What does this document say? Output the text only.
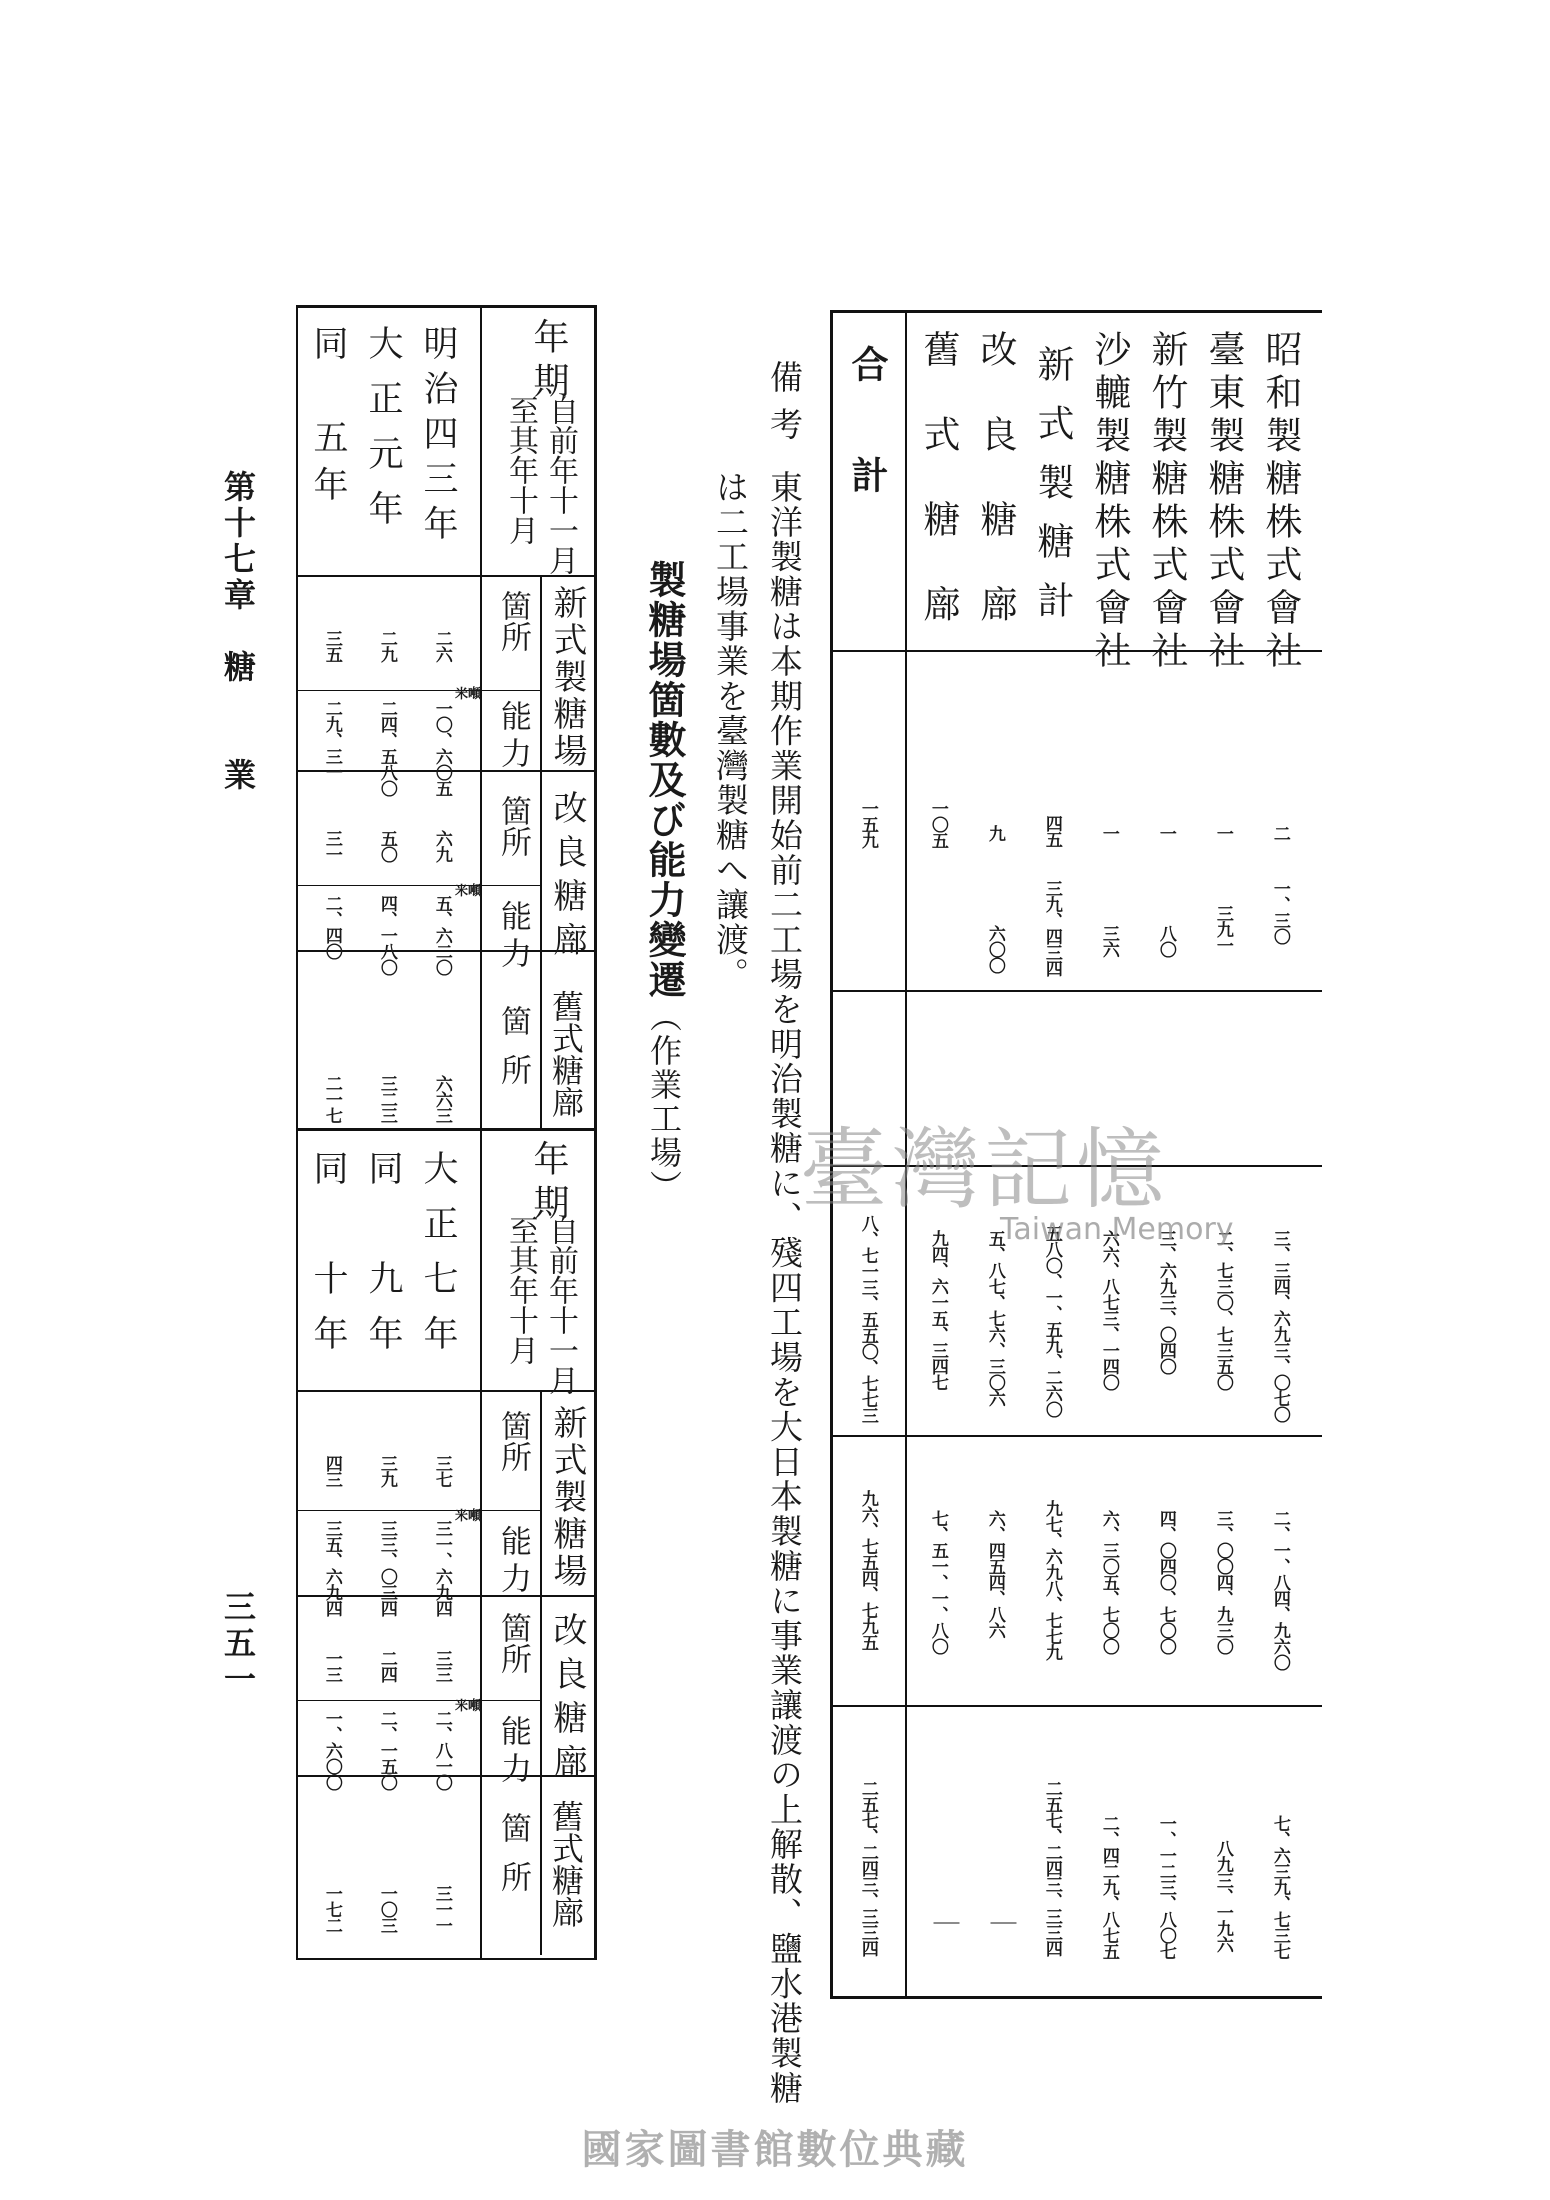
昭和製糖株式會社
臺東製糖株式會社
新竹製糖株式會社
沙轆製糖株式會社
新式製糖計
改良糖廍
舊式糖廍
合　　計
二
一
一
一
四五
九
一〇五
一五九
一、三〇
三九一
八〇
三六
三九、四三四
六〇〇
三、三四、六九三、〇七〇
二、七三〇、七三五〇
三、六九三、〇四〇
六六、八七三、一四〇
五八〇、一、五九、二六〇
五、八七、七六、三〇六
九四、六一五、三四七
八、七一三、五五〇、七七三
二、一、八四、九六〇
三、〇〇四、九三〇
四、〇四〇、七〇〇
六、三〇五、七〇〇
九七、六九八、七七九
六、四五四、八六
七、五一、一、八〇
九六、七五四、七九五
七、六三九、七三七
八九三、一九六
一、一二三、八〇七
二、四二九、八七五
二五七、二四三、三三四
｜
｜
二五七、二四三、三三四
備考
東洋製糖は本期作業開始前二工場を明治製糖に、殘四工場を大日本製糖に事業讓渡の上解散、鹽水港製糖
は二工場事業を臺灣製糖へ讓渡。
製糖場箇數及び能力變遷
（作業工場）
年期
自前年十一月
至其年十月
新式製糖場
箇所
能力
改良糖廍
箇所
能力
舊式糖廍
箇所
明治四三年
大正元年
同　五年
米噸
米噸
二六
二九
三五
一〇、六〇五
二四、五八〇
二九、三一
六九
五〇
三一
五、六二〇
四、一八〇
二、四〇
六六三
三二三
二一七
年期
自前年十一月
至其年十月
新式製糖場
箇所
能力
改良糖廍
箇所
能力
舊式糖廍
箇所
大正七年
同　九年
同　十年
米噸
米噸
三七
三九
四三
三一、六九四
三三、〇三四
三五、六九四
三三
二四
一三
二、八一〇
二、一五〇
一、六〇〇
三一一
一〇三
一七二
第十七章　糖　　業
三五一
臺灣記憶
Taiwan Memory
國家圖書館數位典藏
